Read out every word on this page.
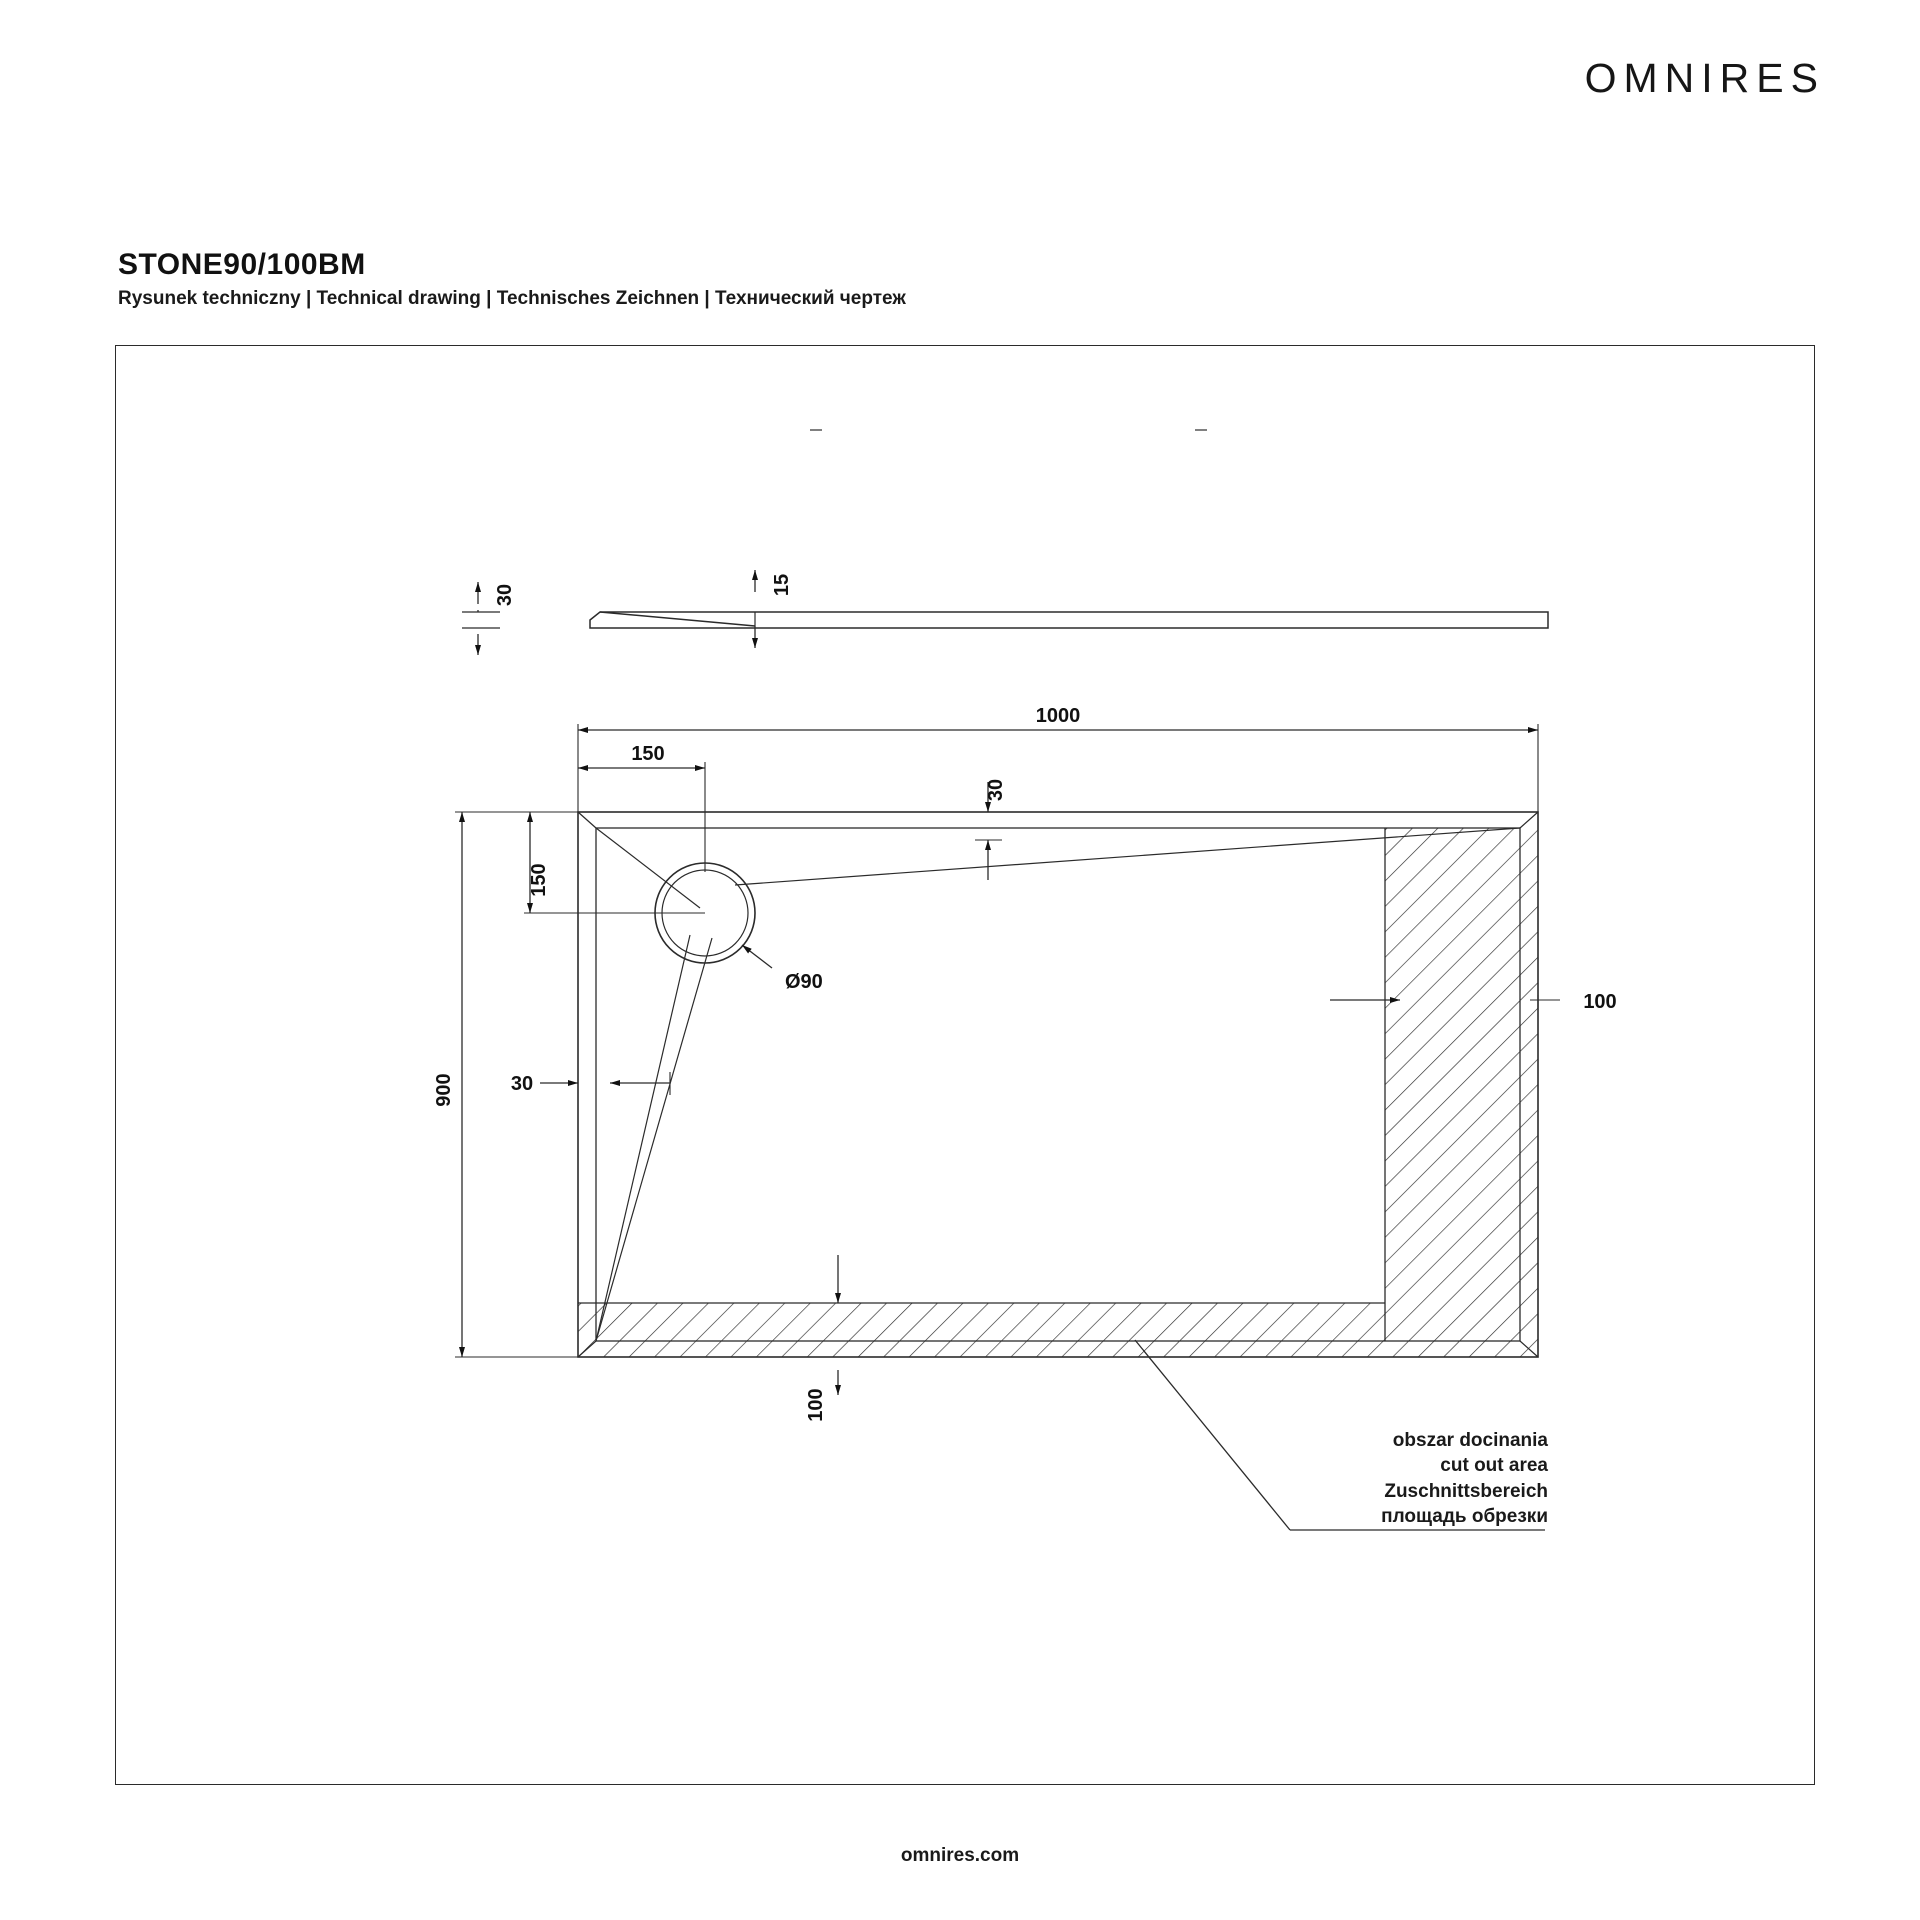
OMNIRES
STONE90/100BM
Rysunek techniczny | Technical drawing | Technisches Zeichnen | Технический чертеж
30	15
1000
150
150
900
30
30
100
100
Ø90
obszar docinania
cut out area
Zuschnittsbereich
площадь обрезки
omnires.com
